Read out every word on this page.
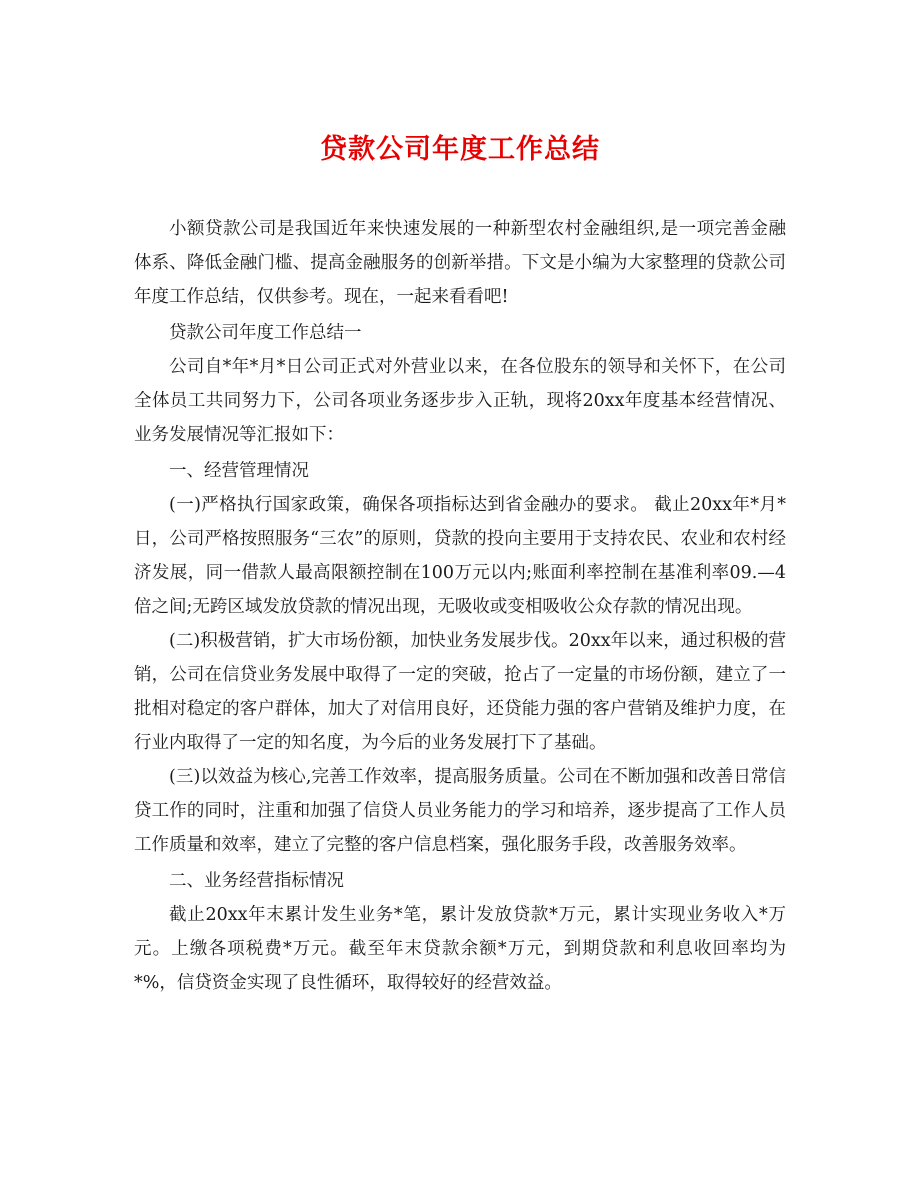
贷款公司年度工作总结

小额贷款公司是我国近年来快速发展的一种新型农村金融组织,是一项完善金融体系、降低金融门槛、提高金融服务的创新举措。下文是小编为大家整理的贷款公司年度工作总结，仅供参考。现在，一起来看看吧!

贷款公司年度工作总结一

公司自*年*月*日公司正式对外营业以来，在各位股东的领导和关怀下，在公司全体员工共同努力下，公司各项业务逐步步入正轨，现将20xx年度基本经营情况、业务发展情况等汇报如下：

一、经营管理情况

(一)严格执行国家政策，确保各项指标达到省金融办的要求。 截止20xx年*月*日，公司严格按照服务“三农”的原则，贷款的投向主要用于支持农民、农业和农村经济发展，同一借款人最高限额控制在100万元以内;账面利率控制在基准利率09.—4倍之间;无跨区域发放贷款的情况出现，无吸收或变相吸收公众存款的情况出现。

(二)积极营销，扩大市场份额，加快业务发展步伐。20xx年以来，通过积极的营销，公司在信贷业务发展中取得了一定的突破，抢占了一定量的市场份额，建立了一批相对稳定的客户群体，加大了对信用良好，还贷能力强的客户营销及维护力度，在行业内取得了一定的知名度，为今后的业务发展打下了基础。

(三)以效益为核心,完善工作效率，提高服务质量。公司在不断加强和改善日常信贷工作的同时，注重和加强了信贷人员业务能力的学习和培养，逐步提高了工作人员工作质量和效率，建立了完整的客户信息档案，强化服务手段，改善服务效率。

二、业务经营指标情况

截止20xx年末累计发生业务*笔，累计发放贷款*万元，累计实现业务收入*万元。上缴各项税费*万元。截至年末贷款余额*万元，到期贷款和利息收回率均为*%，信贷资金实现了良性循环，取得较好的经营效益。
